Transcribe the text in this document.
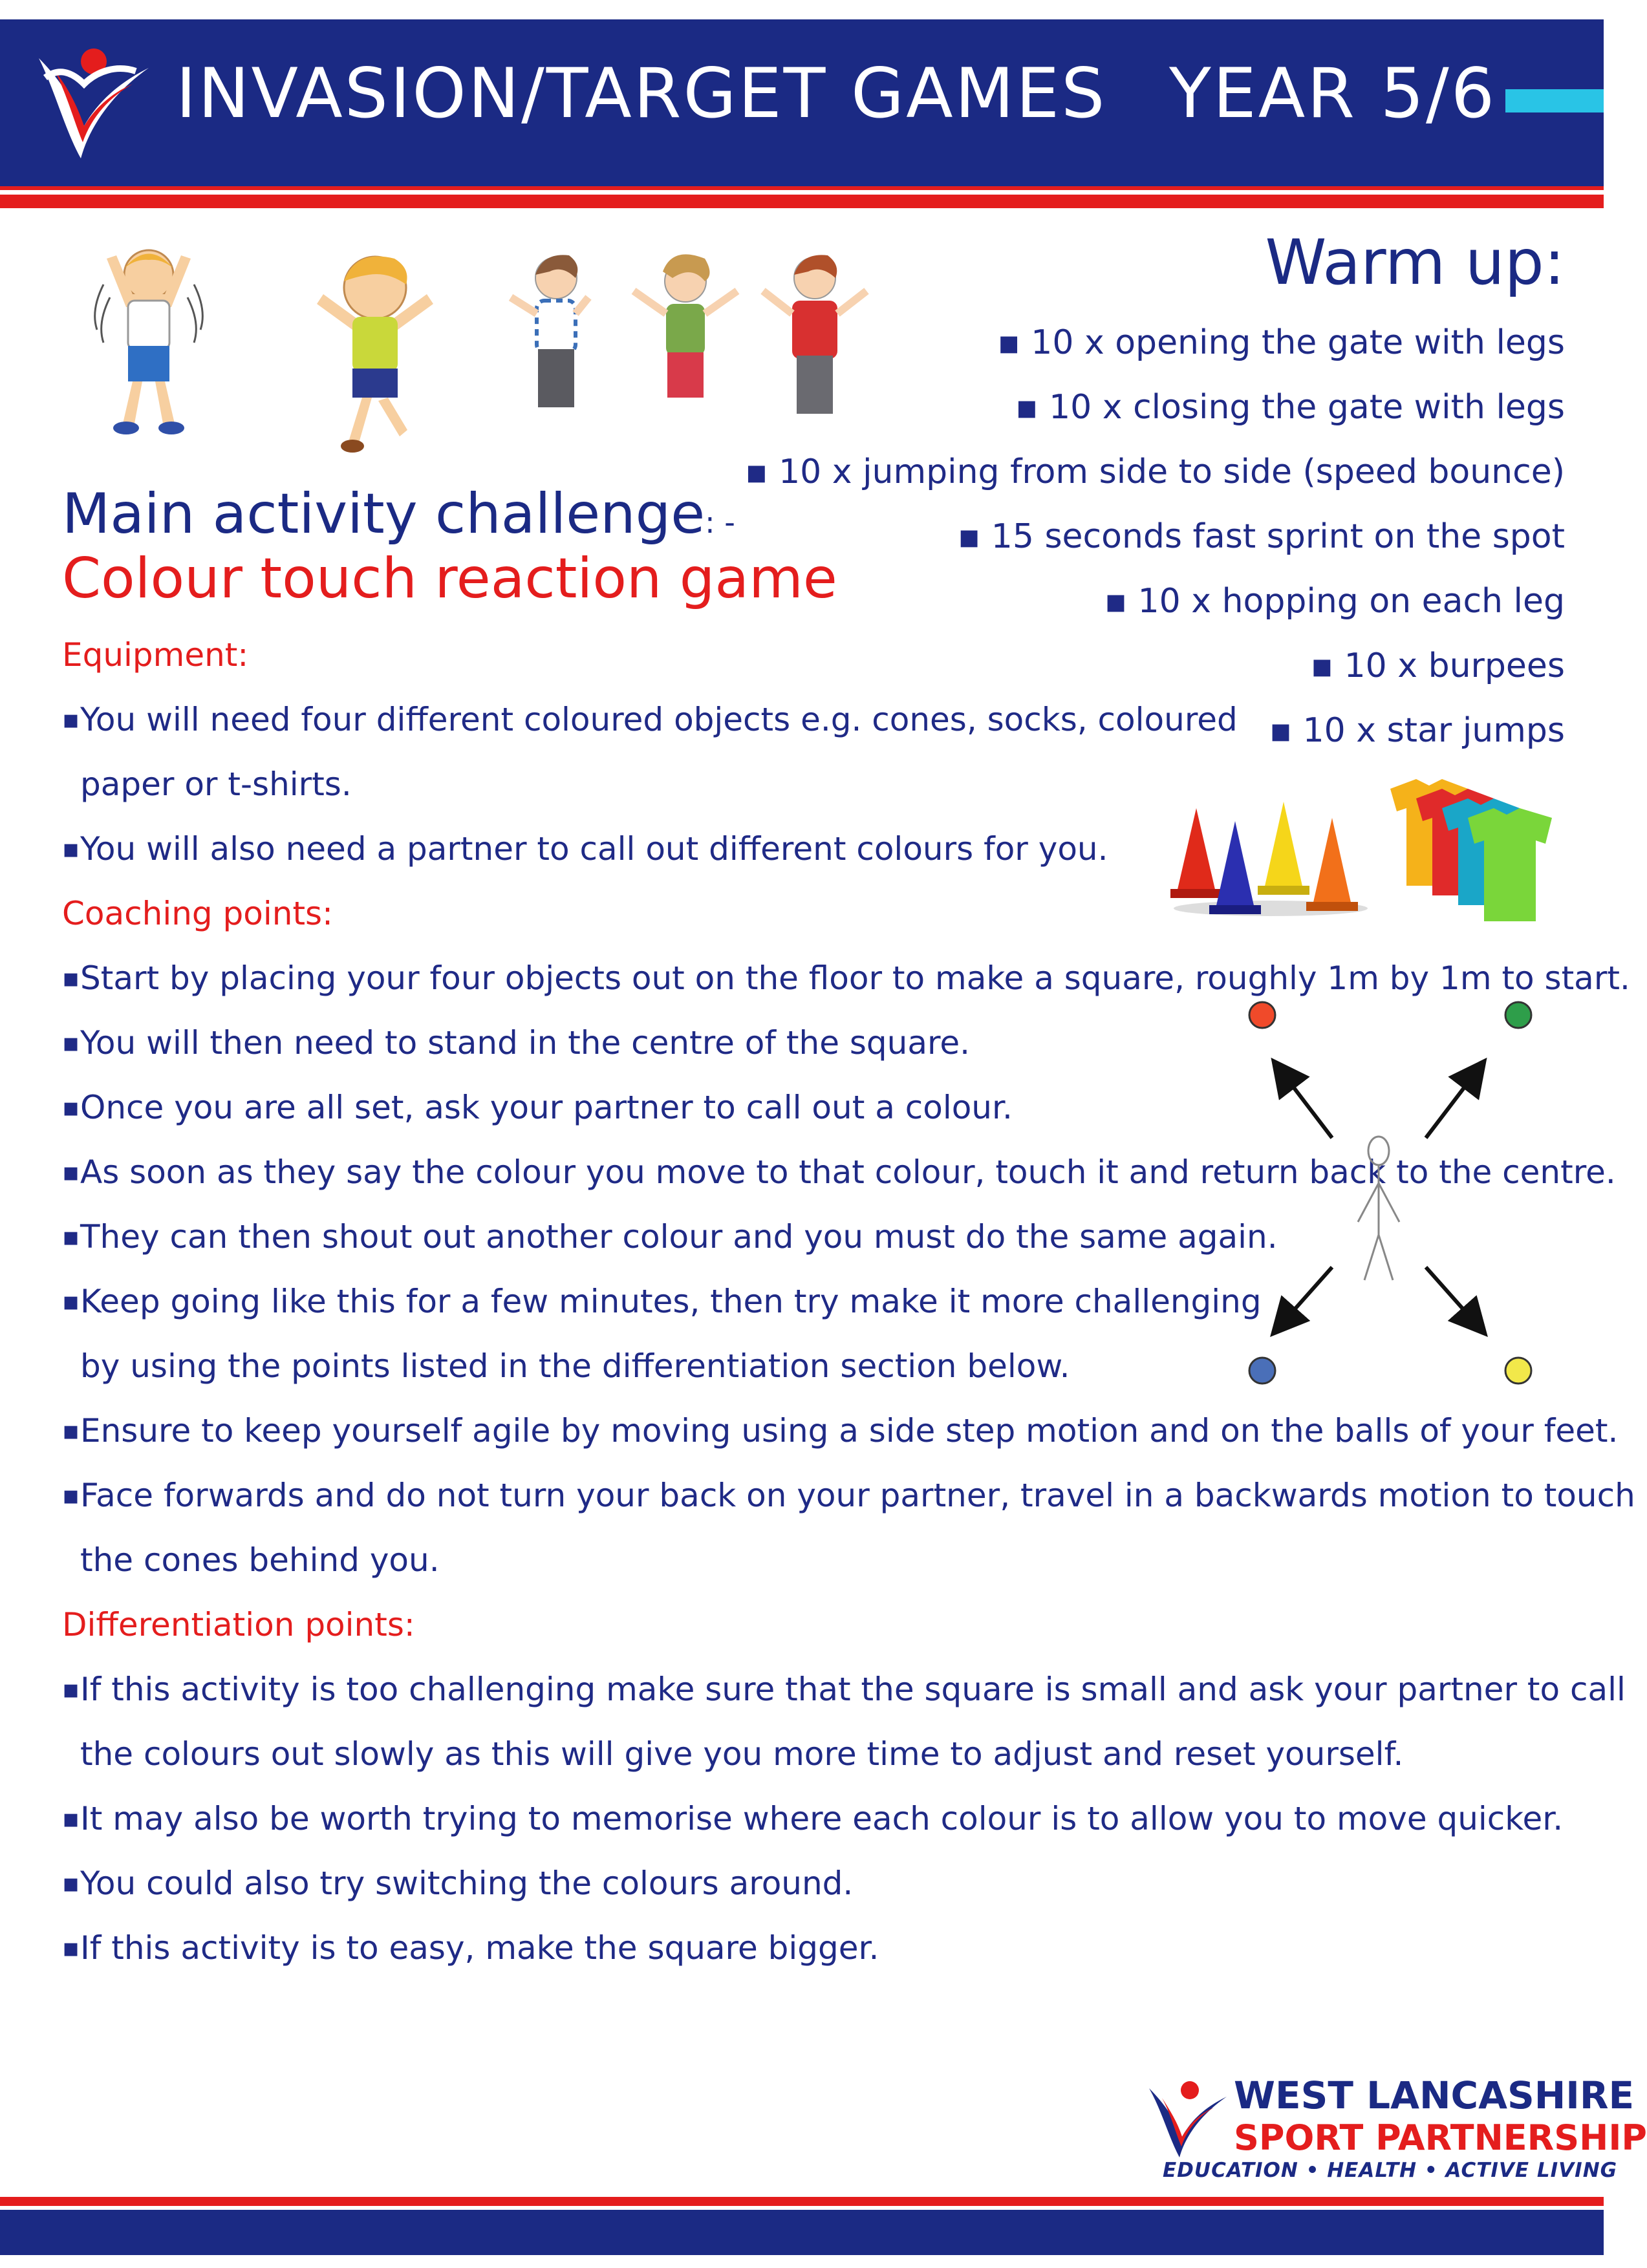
INVASION/TARGET GAMES YEAR 5/6
Warm up:
▪ 10 x opening the gate with legs
▪ 10 x closing the gate with legs
▪ 10 x jumping from side to side (speed bounce)
▪ 15 seconds fast sprint on the spot
▪ 10 x hopping on each leg
▪ 10 x burpees
▪ 10 x star jumps
Main activity challenge: -
Colour touch reaction game
Equipment:
▪You will need four different coloured objects e.g. cones, socks, coloured
paper or t-shirts.
▪You will also need a partner to call out different colours for you.
Coaching points:
▪Start by placing your four objects out on the floor to make a square, roughly 1m by 1m to start.
▪You will then need to stand in the centre of the square.
▪Once you are all set, ask your partner to call out a colour.
▪As soon as they say the colour you move to that colour, touch it and return back to the centre.
▪They can then shout out another colour and you must do the same again.
▪Keep going like this for a few minutes, then try make it more challenging
by using the points listed in the differentiation section below.
▪Ensure to keep yourself agile by moving using a side step motion and on the balls of your feet.
▪Face forwards and do not turn your back on your partner, travel in a backwards motion to touch
the cones behind you.
Differentiation points:
▪If this activity is too challenging make sure that the square is small and ask your partner to call
the colours out slowly as this will give you more time to adjust and reset yourself.
▪It may also be worth trying to memorise where each colour is to allow you to move quicker.
▪You could also try switching the colours around.
▪If this activity is to easy, make the square bigger.
WEST LANCASHIRE
SPORT PARTNERSHIP
EDUCATION • HEALTH • ACTIVE LIVING
